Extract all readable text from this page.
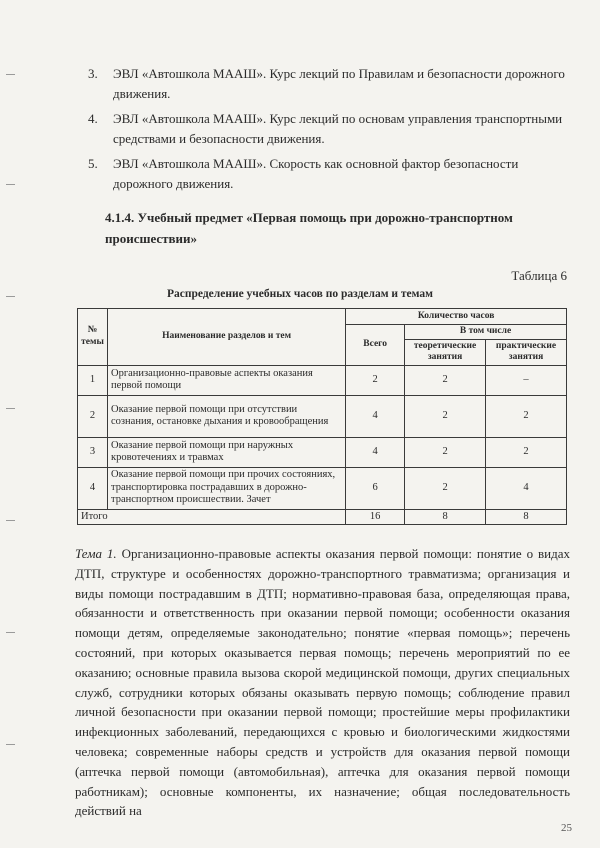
3. ЭВЛ «Автошкола МААШ». Курс лекций по Правилам и безопасности дорожного движения.
4. ЭВЛ «Автошкола МААШ». Курс лекций по основам управления транспортными средствами и безопасности движения.
5. ЭВЛ «Автошкола МААШ». Скорость как основной фактор безопасности дорожного движения.
4.1.4. Учебный предмет «Первая помощь при дорожно-транспортном происшествии»
Таблица 6
Распределение учебных часов по разделам и темам
№ темы	Наименование разделов и тем	Количество часов		
		Всего	В том числе	
			теоретические занятия	практические занятия
1	Организационно-правовые аспекты оказания первой помощи	2	2	–
2	Оказание первой помощи при отсутствии сознания, остановке дыхания и кровообращения	4	2	2
3	Оказание первой помощи при наружных кровотечениях и травмах	4	2	2
4	Оказание первой помощи при прочих состояниях, транспортировка пострадавших в дорожно-транспортном происшествии. Зачет	6	2	4
Итого		16	8	8

Тема 1. Организационно-правовые аспекты оказания первой помощи: понятие о видах ДТП, структуре и особенностях дорожно-транспортного травматизма; организация и виды помощи пострадавшим в ДТП; нормативно-правовая база, определяющая права, обязанности и ответственность при оказании первой помощи; особенности оказания помощи детям, определяемые законодательно; понятие «первая помощь»; перечень состояний, при которых оказывается первая помощь; перечень мероприятий по ее оказанию; основные правила вызова скорой медицинской помощи, других специальных служб, сотрудники которых обязаны оказывать первую помощь; соблюдение правил личной безопасности при оказании первой помощи; простейшие меры профилактики инфекционных заболеваний, передающихся с кровью и биологическими жидкостями человека; современные наборы средств и устройств для оказания первой помощи (аптечка первой помощи (автомобильная), аптечка для оказания первой помощи работникам); основные компоненты, их назначение; общая последовательность действий на

25
